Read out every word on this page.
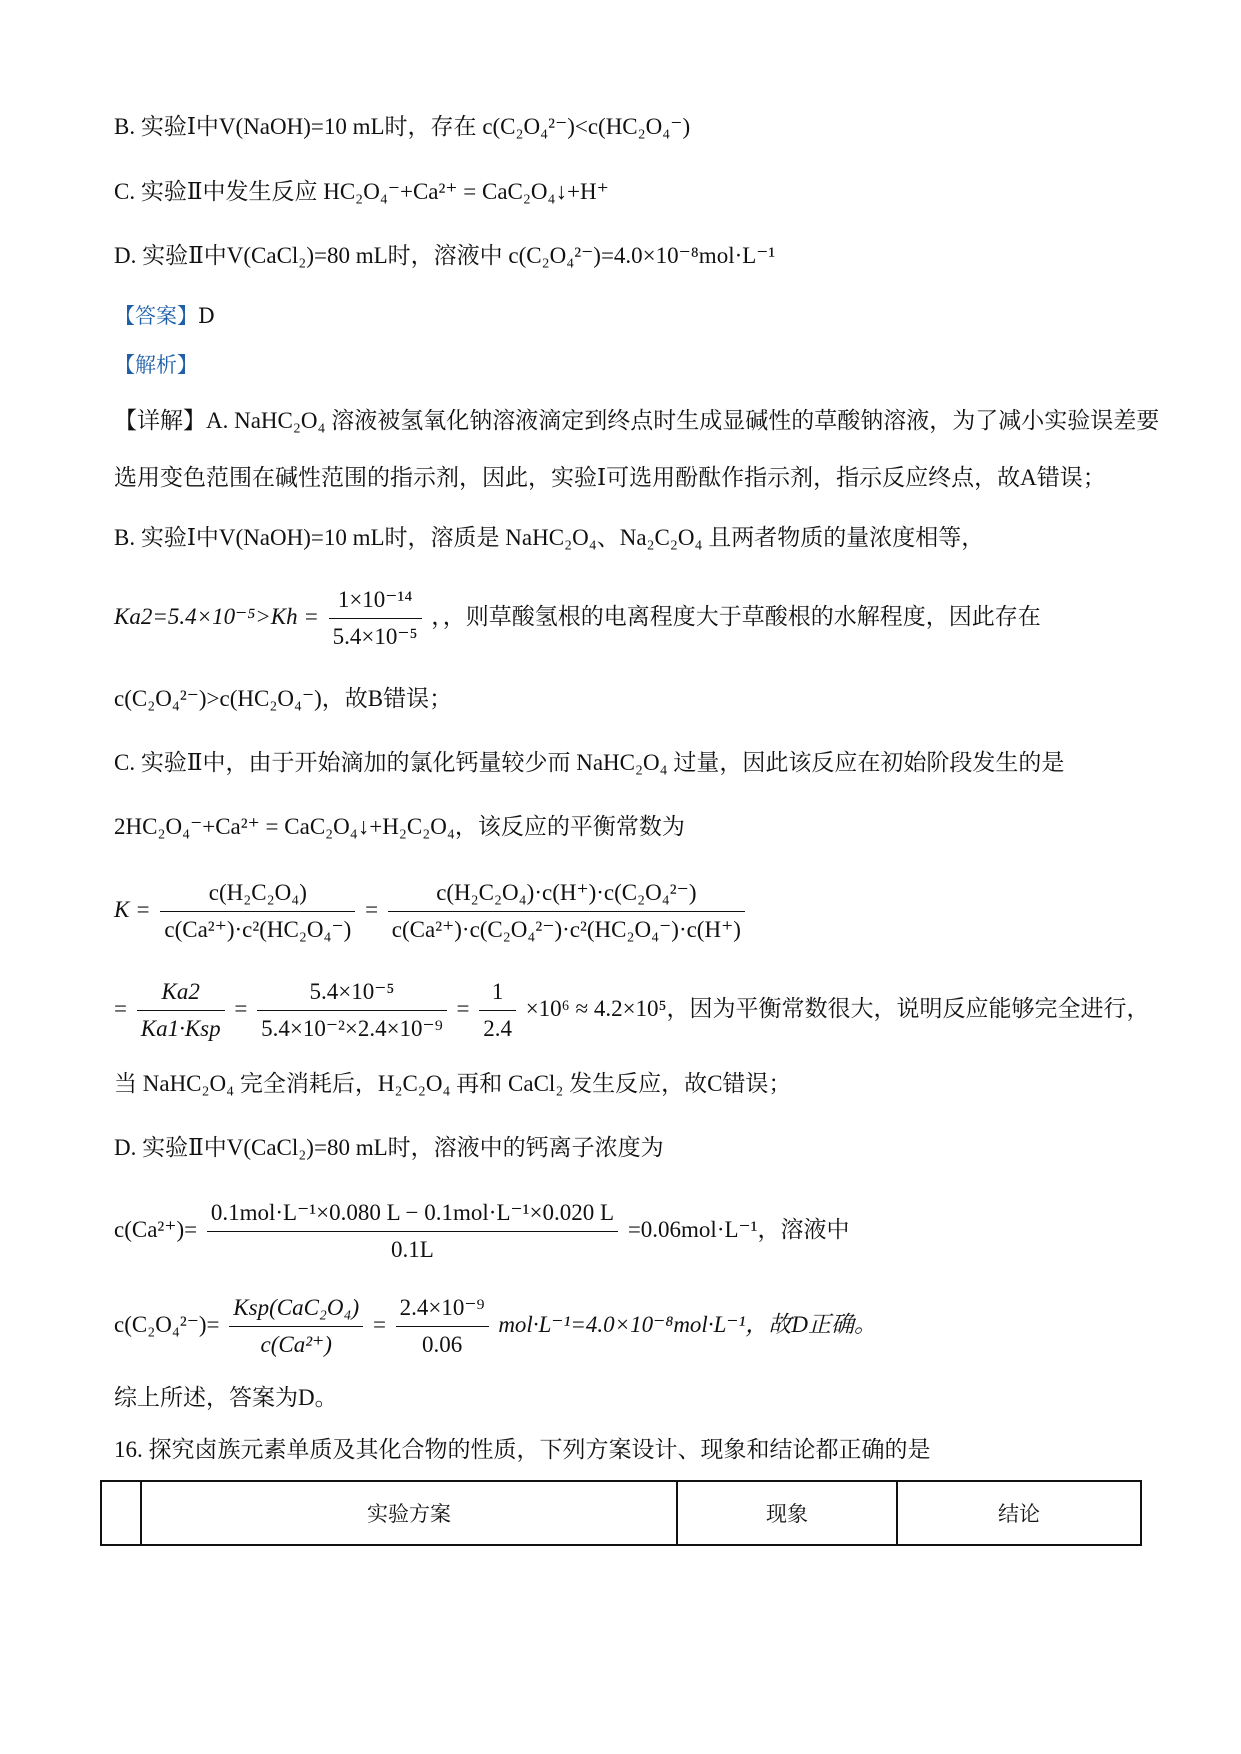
B. 实验Ⅰ中V(NaOH)=10 mL时，存在 c(C₂O₄²⁻)<c(HC₂O₄⁻)
C. 实验Ⅱ中发生反应 HC₂O₄⁻+Ca²⁺ = CaC₂O₄↓+H⁺
D. 实验Ⅱ中V(CaCl₂)=80 mL时，溶液中 c(C₂O₄²⁻)=4.0×10⁻⁸mol·L⁻¹
【答案】D
【解析】
【详解】A. NaHC₂O₄ 溶液被氢氧化钠溶液滴定到终点时生成显碱性的草酸钠溶液，为了减小实验误差要
选用变色范围在碱性范围的指示剂，因此，实验Ⅰ可选用酚酞作指示剂，指示反应终点，故A错误；
B. 实验Ⅰ中V(NaOH)=10 mL时，溶质是 NaHC₂O₄、Na₂C₂O₄ 且两者物质的量浓度相等，
$Ka2=5.4\times 10^{-5}>Kh = \frac{\text{1×10⁻¹⁴}}{\text{5.4×10⁻⁵}}$ ，，则草酸氢根的电离程度大于草酸根的水解程度，因此存在
c(C₂O₄²⁻)>c(HC₂O₄⁻)，故B错误；
C. 实验Ⅱ中，由于开始滴加的氯化钙量较少而 NaHC₂O₄ 过量，因此该反应在初始阶段发生的是
2HC₂O₄⁻+Ca²⁺ = CaC₂O₄↓+H₂C₂O₄，该反应的平衡常数为
$K = \frac{\text{c(H₂C₂O₄)}}{\text{c(Ca²⁺)·c²(HC₂O₄⁻)}} = \frac{\text{c(H₂C₂O₄)·c(H⁺)·c(C₂O₄²⁻)}}{\text{c(Ca²⁺)·c(C₂O₄²⁻)·c²(HC₂O₄⁻)·c(H⁺)}}$
= $\frac{Ka2}{\text{Ka1·Ksp}} = \frac{\text{5.4×10⁻⁵}}{\text{5.4×10⁻²×2.4×10⁻⁹}} = \frac{1}{2.4} \times 10^6 \approx 4.2\times 10^5$，因为平衡常数很大，说明反应能够完全进行，
当 NaHC₂O₄ 完全消耗后，H₂C₂O₄ 再和 CaCl₂ 发生反应，故C错误；
D. 实验Ⅱ中V(CaCl₂)=80 mL时，溶液中的钙离子浓度为
$c(Ca^{2+})= \frac{\text{0.1mol·L⁻¹×0.080 L − 0.1mol·L⁻¹×0.020 L}}{0.1L} =0.06mol\cdot L^{-1}$，溶液中
$c(C_2O_4^{2-})= \frac{\text{Ksp(CaC₂O₄)}}{\text{c(Ca²⁺)}} = \frac{\text{2.4×10⁻⁹}}{0.06} mol\cdot L^{-1}=4.0\times 10^{-8}mol\cdot L^{-1}$，故D正确。
综上所述，答案为D。
16. 探究卤族元素单质及其化合物的性质，下列方案设计、现象和结论都正确的是
	实验方案	现象	结论
